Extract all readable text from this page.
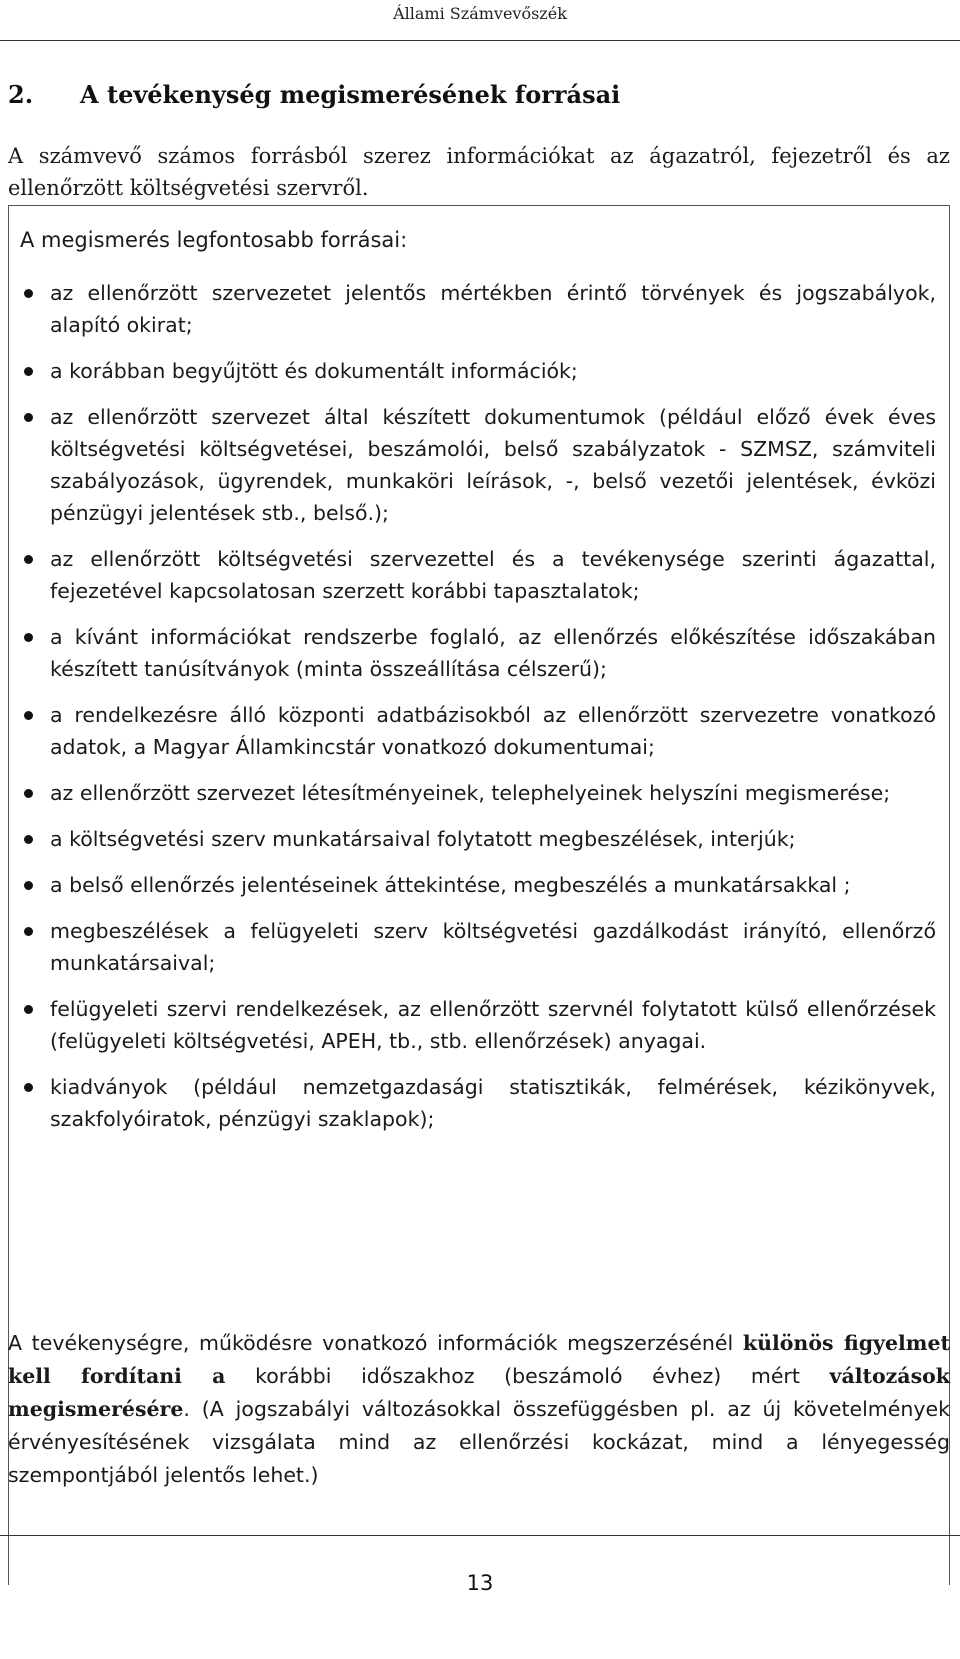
Állami Számvevőszék
2.	A tevékenység megismerésének forrásai

A számvevő számos forrásból szerez információkat az ágazatról, fejezetről és az ellenőrzött költségvetési szervről.

A megismerés legfontosabb forrásai:
az ellenőrzött szervezetet jelentős mértékben érintő törvények és jogszabályok, alapító okirat;
a korábban begyűjtött és dokumentált információk;
az ellenőrzött szervezet által készített dokumentumok (például előző évek éves költségvetési költségvetései, beszámolói, belső szabályzatok - SZMSZ, számviteli szabályozások, ügyrendek, munkaköri leírások, -, belső vezetői jelentések, évközi pénzügyi jelentések stb., belső.);
az ellenőrzött költségvetési szervezettel és a tevékenysége szerinti ágazattal, fejezetével kapcsolatosan szerzett korábbi tapasztalatok;
a kívánt információkat rendszerbe foglaló, az ellenőrzés előkészítése időszakában készített tanúsítványok (minta összeállítása célszerű);
a rendelkezésre álló központi adatbázisokból az ellenőrzött szervezetre vonatkozó adatok, a Magyar Államkincstár vonatkozó dokumentumai;
az ellenőrzött szervezet létesítményeinek, telephelyeinek helyszíni megismerése;
a költségvetési szerv munkatársaival folytatott megbeszélések, interjúk;
a belső ellenőrzés jelentéseinek áttekintése, megbeszélés a munkatársakkal ;
megbeszélések a felügyeleti szerv költségvetési gazdálkodást irányító, ellenőrző munkatársaival;
felügyeleti szervi rendelkezések, az ellenőrzött szervnél folytatott külső ellenőrzések (felügyeleti költségvetési, APEH, tb., stb. ellenőrzések) anyagai.
kiadványok (például nemzetgazdasági statisztikák, felmérések, kézikönyvek, szakfolyóiratok, pénzügyi szaklapok);

A tevékenységre, működésre vonatkozó információk megszerzésénél különös figyelmet kell fordítani a korábbi időszakhoz (beszámoló évhez) mért változások megismerésére. (A jogszabályi változásokkal összefüggésben pl. az új követelmények érvényesítésének vizsgálata mind az ellenőrzési kockázat, mind a lényegesség szempontjából jelentős lehet.)

13
